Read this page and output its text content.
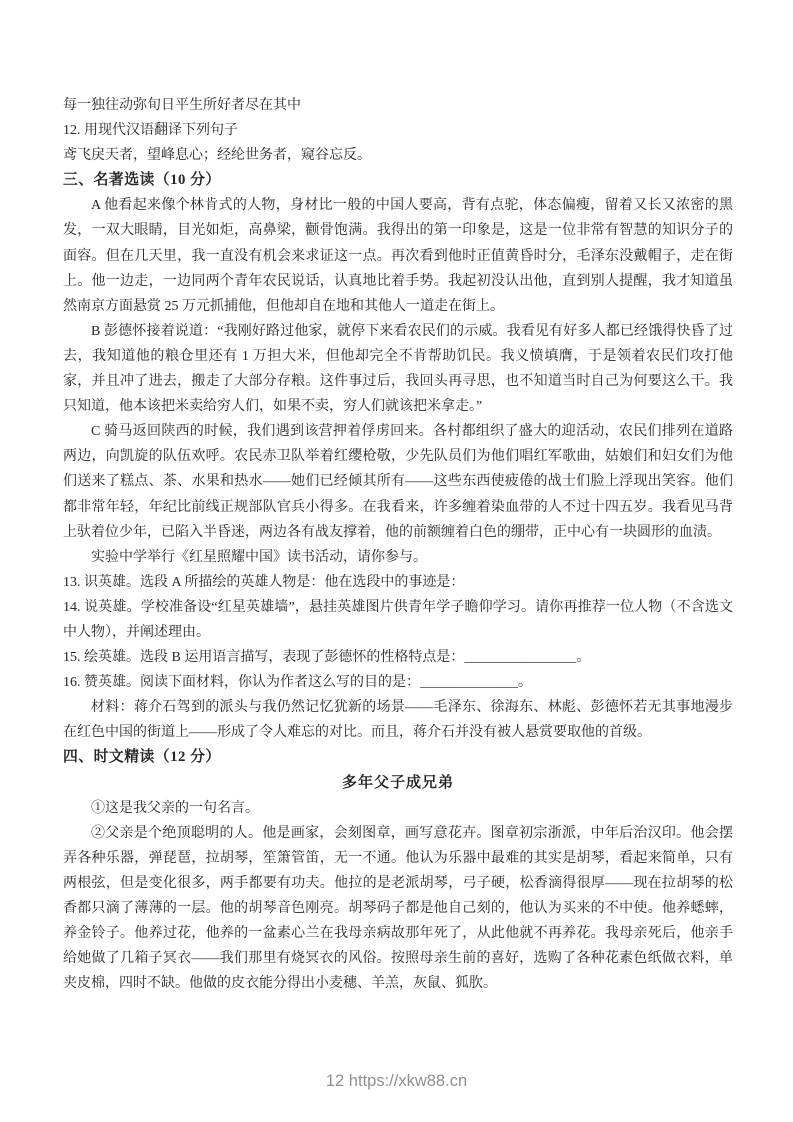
每一独往动弥旬日平生所好者尽在其中
12. 用现代汉语翻译下列句子
鸢飞戾天者，望峰息心；经纶世务者，窥谷忘反。
三、名著选读（10 分）

A 他看起来像个林肯式的人物，身材比一般的中国人要高，背有点驼，体态偏瘦，留着又长又浓密的黑发，一双大眼睛，目光如炬，高鼻梁，颧骨饱满。我得出的第一印象是，这是一位非常有智慧的知识分子的面容。但在几天里，我一直没有机会来求证这一点。再次看到他时正值黄昏时分，毛泽东没戴帽子，走在街上。他一边走，一边同两个青年农民说话，认真地比着手势。我起初没认出他，直到别人提醒，我才知道虽然南京方面悬赏 25 万元抓捕他，但他却自在地和其他人一道走在街上。

B 彭德怀接着说道：“我刚好路过他家，就停下来看农民们的示威。我看见有好多人都已经饿得快昏了过去，我知道他的粮仓里还有 1 万担大米，但他却完全不肯帮助饥民。我义愤填膺，于是领着农民们攻打他家，并且冲了进去，搬走了大部分存粮。这件事过后，我回头再寻思，也不知道当时自己为何要这么干。我只知道，他本该把米卖给穷人们，如果不卖，穷人们就该把米拿走。”

C 骑马返回陕西的时候，我们遇到该营押着俘虏回来。各村都组织了盛大的迎活动，农民们排列在道路两边，向凯旋的队伍欢呼。农民赤卫队举着红缨枪敬，少先队员们为他们唱红军歌曲，姑娘们和妇女们为他们送来了糕点、茶、水果和热水——她们已经倾其所有——这些东西使疲倦的战士们脸上浮现出笑容。他们都非常年轻，年纪比前线正规部队官兵小得多。在我看来，许多缠着染血带的人不过十四五岁。我看见马背上驮着位少年，已陷入半昏迷，两边各有战友撑着，他的前额缠着白色的绷带，正中心有一块圆形的血渍。

实验中学举行《红星照耀中国》读书活动，请你参与。

13. 识英雄。选段 A 所描绘的英雄人物是：他在选段中的事迹是：
14. 说英雄。学校准备设“红星英雄墙”，悬挂英雄图片供青年学子瞻仰学习。请你再推荐一位人物（不含选文中人物），并阐述理由。
15. 绘英雄。选段 B 运用语言描写，表现了彭德怀的性格特点是：________________。
16. 赞英雄。阅读下面材料，你认为作者这么写的目的是：______________。

材料：蒋介石驾到的派头与我仍然记忆犹新的场景——毛泽东、徐海东、林彪、彭德怀若无其事地漫步在红色中国的街道上——形成了令人难忘的对比。而且，蒋介石并没有被人悬赏要取他的首级。

四、时文精读（12 分）
多年父子成兄弟

①这是我父亲的一句名言。

②父亲是个绝顶聪明的人。他是画家，会刻图章，画写意花卉。图章初宗浙派，中年后治汉印。他会摆弄各种乐器，弹琵琶，拉胡琴，笙箫管笛，无一不通。他认为乐器中最难的其实是胡琴，看起来简单，只有两根弦，但是变化很多，两手都要有功夫。他拉的是老派胡琴，弓子硬，松香滴得很厚——现在拉胡琴的松香都只滴了薄薄的一层。他的胡琴音色刚亮。胡琴码子都是他自己刻的，他认为买来的不中使。他养蟋蟀，养金铃子。他养过花，他养的一盆素心兰在我母亲病故那年死了，从此他就不再养花。我母亲死后，他亲手给她做了几箱子冥衣——我们那里有烧冥衣的风俗。按照母亲生前的喜好，选购了各种花素色纸做衣料，单夹皮棉，四时不缺。他做的皮衣能分得出小麦穗、羊羔，灰鼠、狐肷。

12 https://xkw88.cn
